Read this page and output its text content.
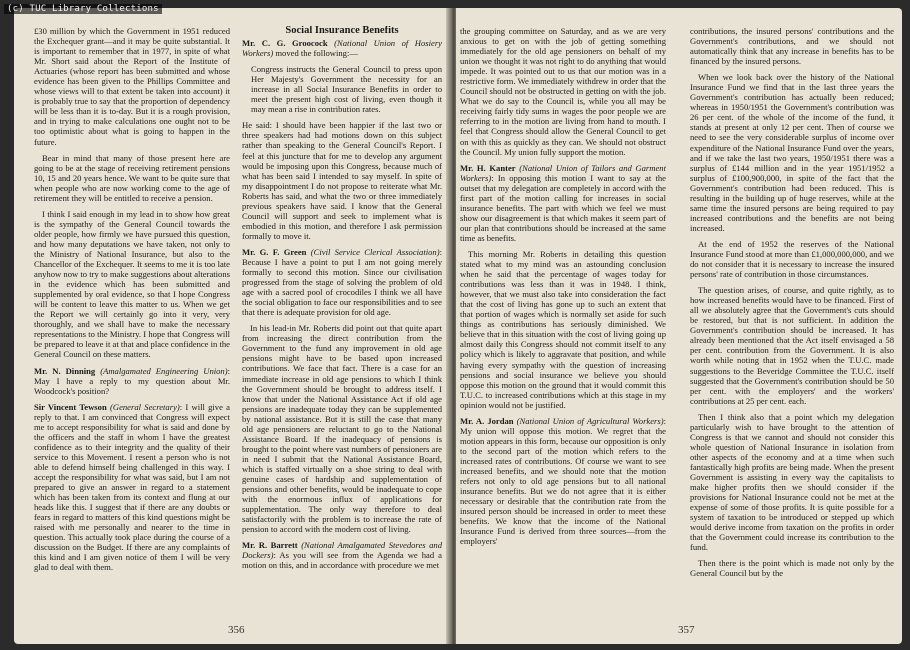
(c) TUC Library Collections

£30 million by which the Government in 1951 reduced the Exchequer grant—and it may be quite substantial. It is important to remember that in 1977, in spite of what Mr. Short said about the Report of the Institute of Actuaries (whose report has been submitted and whose evidence has been given to the Phillips Committee and whose views will to that extent be taken into account) it is probably true to say that the proportion of dependency will be less than it is to-day. But it is a rough provision, and in trying to make calculations one ought not to be too optimistic about what is going to happen in the future.

Bear in mind that many of those present here are going to be at the stage of receiving retirement pensions 10, 15 and 20 years hence. We want to be quite sure that when people who are now working come to the age of retirement they will be entitled to receive a pension.

I think I said enough in my lead in to show how great is the sympathy of the General Council towards the older people, how firmly we have pursued this question, and how many deputations we have taken, not only to the Ministry of National Insurance, but also to the Chancellor of the Exchequer. It seems to me it is too late anyhow now to try to make suggestions about alterations in the evidence which has been submitted and supplemented by oral evidence, so that I hope Congress will be content to leave this matter to us. When we get the Report we will certainly go into it very, very thoroughly, and we shall have to make the necessary representations to the Ministry. I hope that Congress will be prepared to leave it at that and place confidence in the General Council on these matters.

Mr. N. Dinning (Amalgamated Engineering Union): May I have a reply to my question about Mr. Woodcock's position?

Sir Vincent Tewson (General Secretary): I will give a reply to that. I am convinced that Congress will expect me to accept responsibility for what is said and done by the officers and the staff in whom I have the greatest confidence as to their integrity and the quality of their service to this Movement. I resent a person who is not able to defend himself being challenged in this way. I accept the responsibility for what was said, but I am not prepared to give an answer in regard to a statement which has been taken from its context and flung at our heads like this. I suggest that if there are any doubts or fears in regard to matters of this kind questions might be raised with me personally and nearer to the time in question. This actually took place during the course of a discussion on the Budget. If there are any complaints of this kind and I am given notice of them I will be very glad to deal with them.

Social Insurance Benefits

Mr. C. G. Groocock (National Union of Hosiery Workers) moved the following:—

Congress instructs the General Council to press upon Her Majesty's Government the necessity for an increase in all Social Insurance Benefits in order to meet the present high cost of living, even though it may mean a rise in contribution rates.

He said: I should have been happier if the last two or three speakers had had motions down on this subject rather than speaking to the General Council's Report. I feel at this juncture that for me to develop any argument would be imposing upon this Congress, because much of what has been said I intended to say myself. In spite of my disappointment I do not propose to reiterate what Mr. Roberts has said, and what the two or three immediately previous speakers have said. I know that the General Council will support and seek to implement what is embodied in this motion, and therefore I ask permission formally to move it.

Mr. G. F. Green (Civil Service Clerical Association): Because I have a point to put I am not going merely formally to second this motion. Since our civilisation progressed from the stage of solving the problem of old age with a sacred pool of crocodiles I think we all have the social obligation to face our responsibilities and to see that there is adequate provision for old age.

In his lead-in Mr. Roberts did point out that quite apart from increasing the direct contribution from the Government to the fund any improvement in old age pensions might have to be based upon increased contributions. We face that fact. There is a case for an immediate increase in old age pensions to which I think the Government should be brought to address itself. I know that under the National Assistance Act if old age pensions are inadequate today they can be supplemented by national assistance. But it is still the case that many old age pensioners are reluctant to go to the National Assistance Board. If the inadequacy of pensions is brought to the point where vast numbers of pensioners are in need I submit that the National Assistance Board, which is staffed virtually on a shoe string to deal with genuine cases of hardship and supplementation of pensions and other benefits, would be inadequate to cope with the enormous influx of applications for supplementation. The only way therefore to deal satisfactorily with the problem is to increase the rate of pension to accord with the modern cost of living.

Mr. R. Barrett (National Amalgamated Stevedores and Dockers): As you will see from the Agenda we had a motion on this, and in accordance with procedure we met

356

the grouping committee on Saturday, and as we are very anxious to get on with the job of getting something immediately for the old age pensioners on behalf of my union we thought it was not right to do anything that would impede. It was pointed out to us that our motion was in a restrictive form. We immediately withdrew in order that the Council should not be obstructed in getting on with the job. What we do say to the Council is, while you all may be receiving fairly tidy sums in wages the poor people we are referring to in the motion are living from hand to mouth. I feel that Congress should allow the General Council to get on with this as quickly as they can. We should not obstruct the Council. My union fully support the motion.

Mr. H. Kanter (National Union of Tailors and Garment Workers): In opposing this motion I want to say at the outset that my delegation are completely in accord with the first part of the motion calling for increases in social insurance benefits. The part with which we feel we must show our disagreement is that which makes it seem part of our plan that contributions should be increased at the same time as benefits.

This morning Mr. Roberts in detailing this question stated what to my mind was an astounding conclusion when he said that the percentage of wages today for contributions was less than it was in 1948. I think, however, that we must also take into consideration the fact that the cost of living has gone up to such an extent that that portion of wages which is normally set aside for such things as contributions has seriously diminished. We believe that in this situation with the cost of living going up almost daily this Congress should not commit itself to any policy which is likely to aggravate that position, and while having every sympathy with the question of increasing pensions and social insurance we believe you should oppose this motion on the ground that it would commit this T.U.C. to increased contributions which at this stage in my opinion would not be justified.

Mr. A. Jordan (National Union of Agricultural Workers): My union will oppose this motion. We regret that the motion appears in this form, because our opposition is only to the second part of the motion which refers to the increased rates of contributions. Of course we want to see increased benefits, and we should note that the motion refers not only to old age pensions but to all national insurance benefits. But we do not agree that it is either necessary or desirable that the contribution rate from the insured person should be increased in order to meet these benefits. We know that the income of the National Insurance Fund is derived from three sources—from the employers'

contributions, the insured persons' contributions and the Government's contributions, and we should not automatically think that any increase in benefits has to be financed by the insured persons.

When we look back over the history of the National Insurance Fund we find that in the last three years the Government's contribution has actually been reduced; whereas in 1950/1951 the Government's contribution was 26 per cent. of the whole of the income of the fund, it stands at present at only 12 per cent. Then of course we need to see the very considerable surplus of income over expenditure of the National Insurance Fund over the years, and if we take the last two years, 1950/1951 there was a surplus of £144 million and in the year 1951/1952 a surplus of £100,900,000, in spite of the fact that the Government's contribution had been reduced. This is resulting in the building up of huge reserves, while at the same time the insured persons are being required to pay increased contributions and the benefits are not being increased.

At the end of 1952 the reserves of the National Insurance Fund stood at more than £1,000,000,000, and we do not consider that it is necessary to increase the insured persons' rate of contribution in those circumstances.

The question arises, of course, and quite rightly, as to how increased benefits would have to be financed. First of all we absolutely agree that the Government's cuts should be restored, but that is not sufficient. In addition the Government's contribution should be increased. It has already been mentioned that the Act itself envisaged a 58 per cent. contribution from the Government. It is also worth while noting that in 1952 when the T.U.C. made suggestions to the Beveridge Committee the T.U.C. itself suggested that the Government's contribution should be 50 per cent. with the employers' and the workers' contributions at 25 per cent. each.

Then I think also that a point which my delegation particularly wish to have brought to the attention of Congress is that we cannot and should not consider this whole question of National Insurance in isolation from other aspects of the economy and at a time when such fantastically high profits are being made. When the present Government is assisting in every way the capitalists to make higher profits then we should consider if the provisions for National Insurance could not be met at the expense of some of those profits. It is quite possible for a system of taxation to be introduced or stepped up which would derive income from taxation on the profits in order that the Government could increase its contribution to the fund.

Then there is the point which is made not only by the General Council but by the

357
